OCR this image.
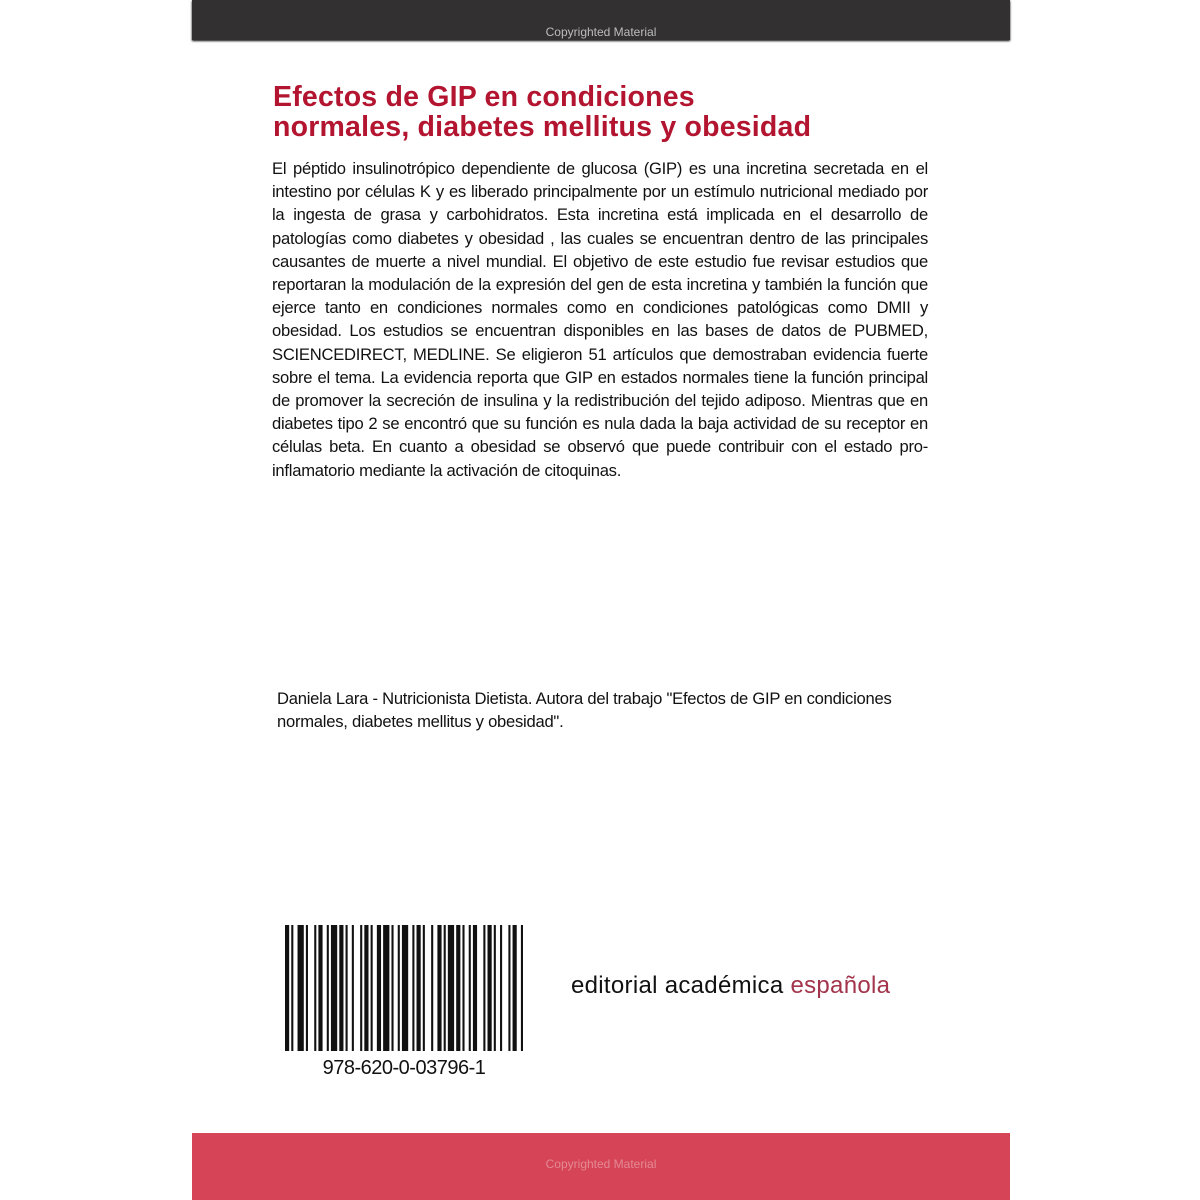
Copyrighted Material
Efectos de GIP en condiciones
normales, diabetes mellitus y obesidad
El péptido insulinotrópico dependiente de glucosa (GIP) es una incretina secretada en el intestino por células K y es liberado principalmente por un estímulo nutricional mediado por la ingesta de grasa y carbohidratos. Esta incretina está implicada en el desarrollo de patologías como diabetes y obesidad , las cuales se encuentran dentro de las principales causantes de muerte a nivel mundial. El objetivo de este estudio fue revisar estudios que reportaran la modulación de la expresión del gen de esta incretina y también la función que ejerce tanto en condiciones normales como en condiciones patológicas como DMII y obesidad. Los estudios se encuentran disponibles en las bases de datos de PUBMED, SCIENCEDIRECT, MEDLINE. Se eligieron 51 artículos que demostraban evidencia fuerte sobre el tema. La evidencia reporta que GIP en estados normales tiene la función principal de promover la secreción de insulina y la redistribución del tejido adiposo. Mientras que en diabetes tipo 2 se encontró que su función es nula dada la baja actividad de su receptor en células beta. En cuanto a obesidad se observó que puede contribuir con el estado pro-inflamatorio mediante la activación de citoquinas.
Daniela Lara - Nutricionista Dietista. Autora del trabajo "Efectos de GIP en condiciones normales, diabetes mellitus y obesidad".
978-620-0-03796-1
editorial académica española
Copyrighted Material
